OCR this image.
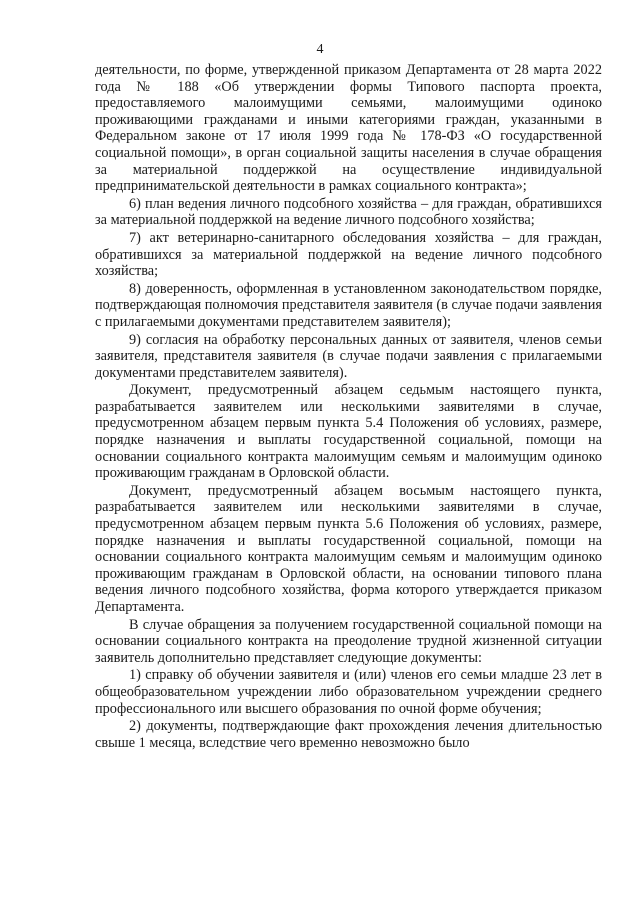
4

деятельности, по форме, утвержденной приказом Департамента от 28 марта 2022 года № 188 «Об утверждении формы Типового паспорта проекта, предоставляемого малоимущими семьями, малоимущими одиноко проживающими гражданами и иными категориями граждан, указанными в Федеральном законе от 17 июля 1999 года № 178-ФЗ «О государственной социальной помощи», в орган социальной защиты населения в случае обращения за материальной поддержкой на осуществление индивидуальной предпринимательской деятельности в рамках социального контракта»;

6) план ведения личного подсобного хозяйства – для граждан, обратившихся за материальной поддержкой на ведение личного подсобного хозяйства;

7) акт ветеринарно-санитарного обследования хозяйства – для граждан, обратившихся за материальной поддержкой на ведение личного подсобного хозяйства;

8) доверенность, оформленная в установленном законодательством порядке, подтверждающая полномочия представителя заявителя (в случае подачи заявления с прилагаемыми документами представителем заявителя);

9) согласия на обработку персональных данных от заявителя, членов семьи заявителя, представителя заявителя (в случае подачи заявления с прилагаемыми документами представителем заявителя).

Документ, предусмотренный абзацем седьмым настоящего пункта, разрабатывается заявителем или несколькими заявителями в случае, предусмотренном абзацем первым пункта 5.4 Положения об условиях, размере, порядке назначения и выплаты государственной социальной, помощи на основании социального контракта малоимущим семьям и малоимущим одиноко проживающим гражданам в Орловской области.

Документ, предусмотренный абзацем восьмым настоящего пункта, разрабатывается заявителем или несколькими заявителями в случае, предусмотренном абзацем первым пункта 5.6 Положения об условиях, размере, порядке назначения и выплаты государственной социальной, помощи на основании социального контракта малоимущим семьям и малоимущим одиноко проживающим гражданам в Орловской области, на основании типового плана ведения личного подсобного хозяйства, форма которого утверждается приказом Департамента.

В случае обращения за получением государственной социальной помощи на основании социального контракта на преодоление трудной жизненной ситуации заявитель дополнительно представляет следующие документы:

1) справку об обучении заявителя и (или) членов его семьи младше 23 лет в общеобразовательном учреждении либо образовательном учреждении среднего профессионального или высшего образования по очной форме обучения;

2) документы, подтверждающие факт прохождения лечения длительностью свыше 1 месяца, вследствие чего временно невозможно было
